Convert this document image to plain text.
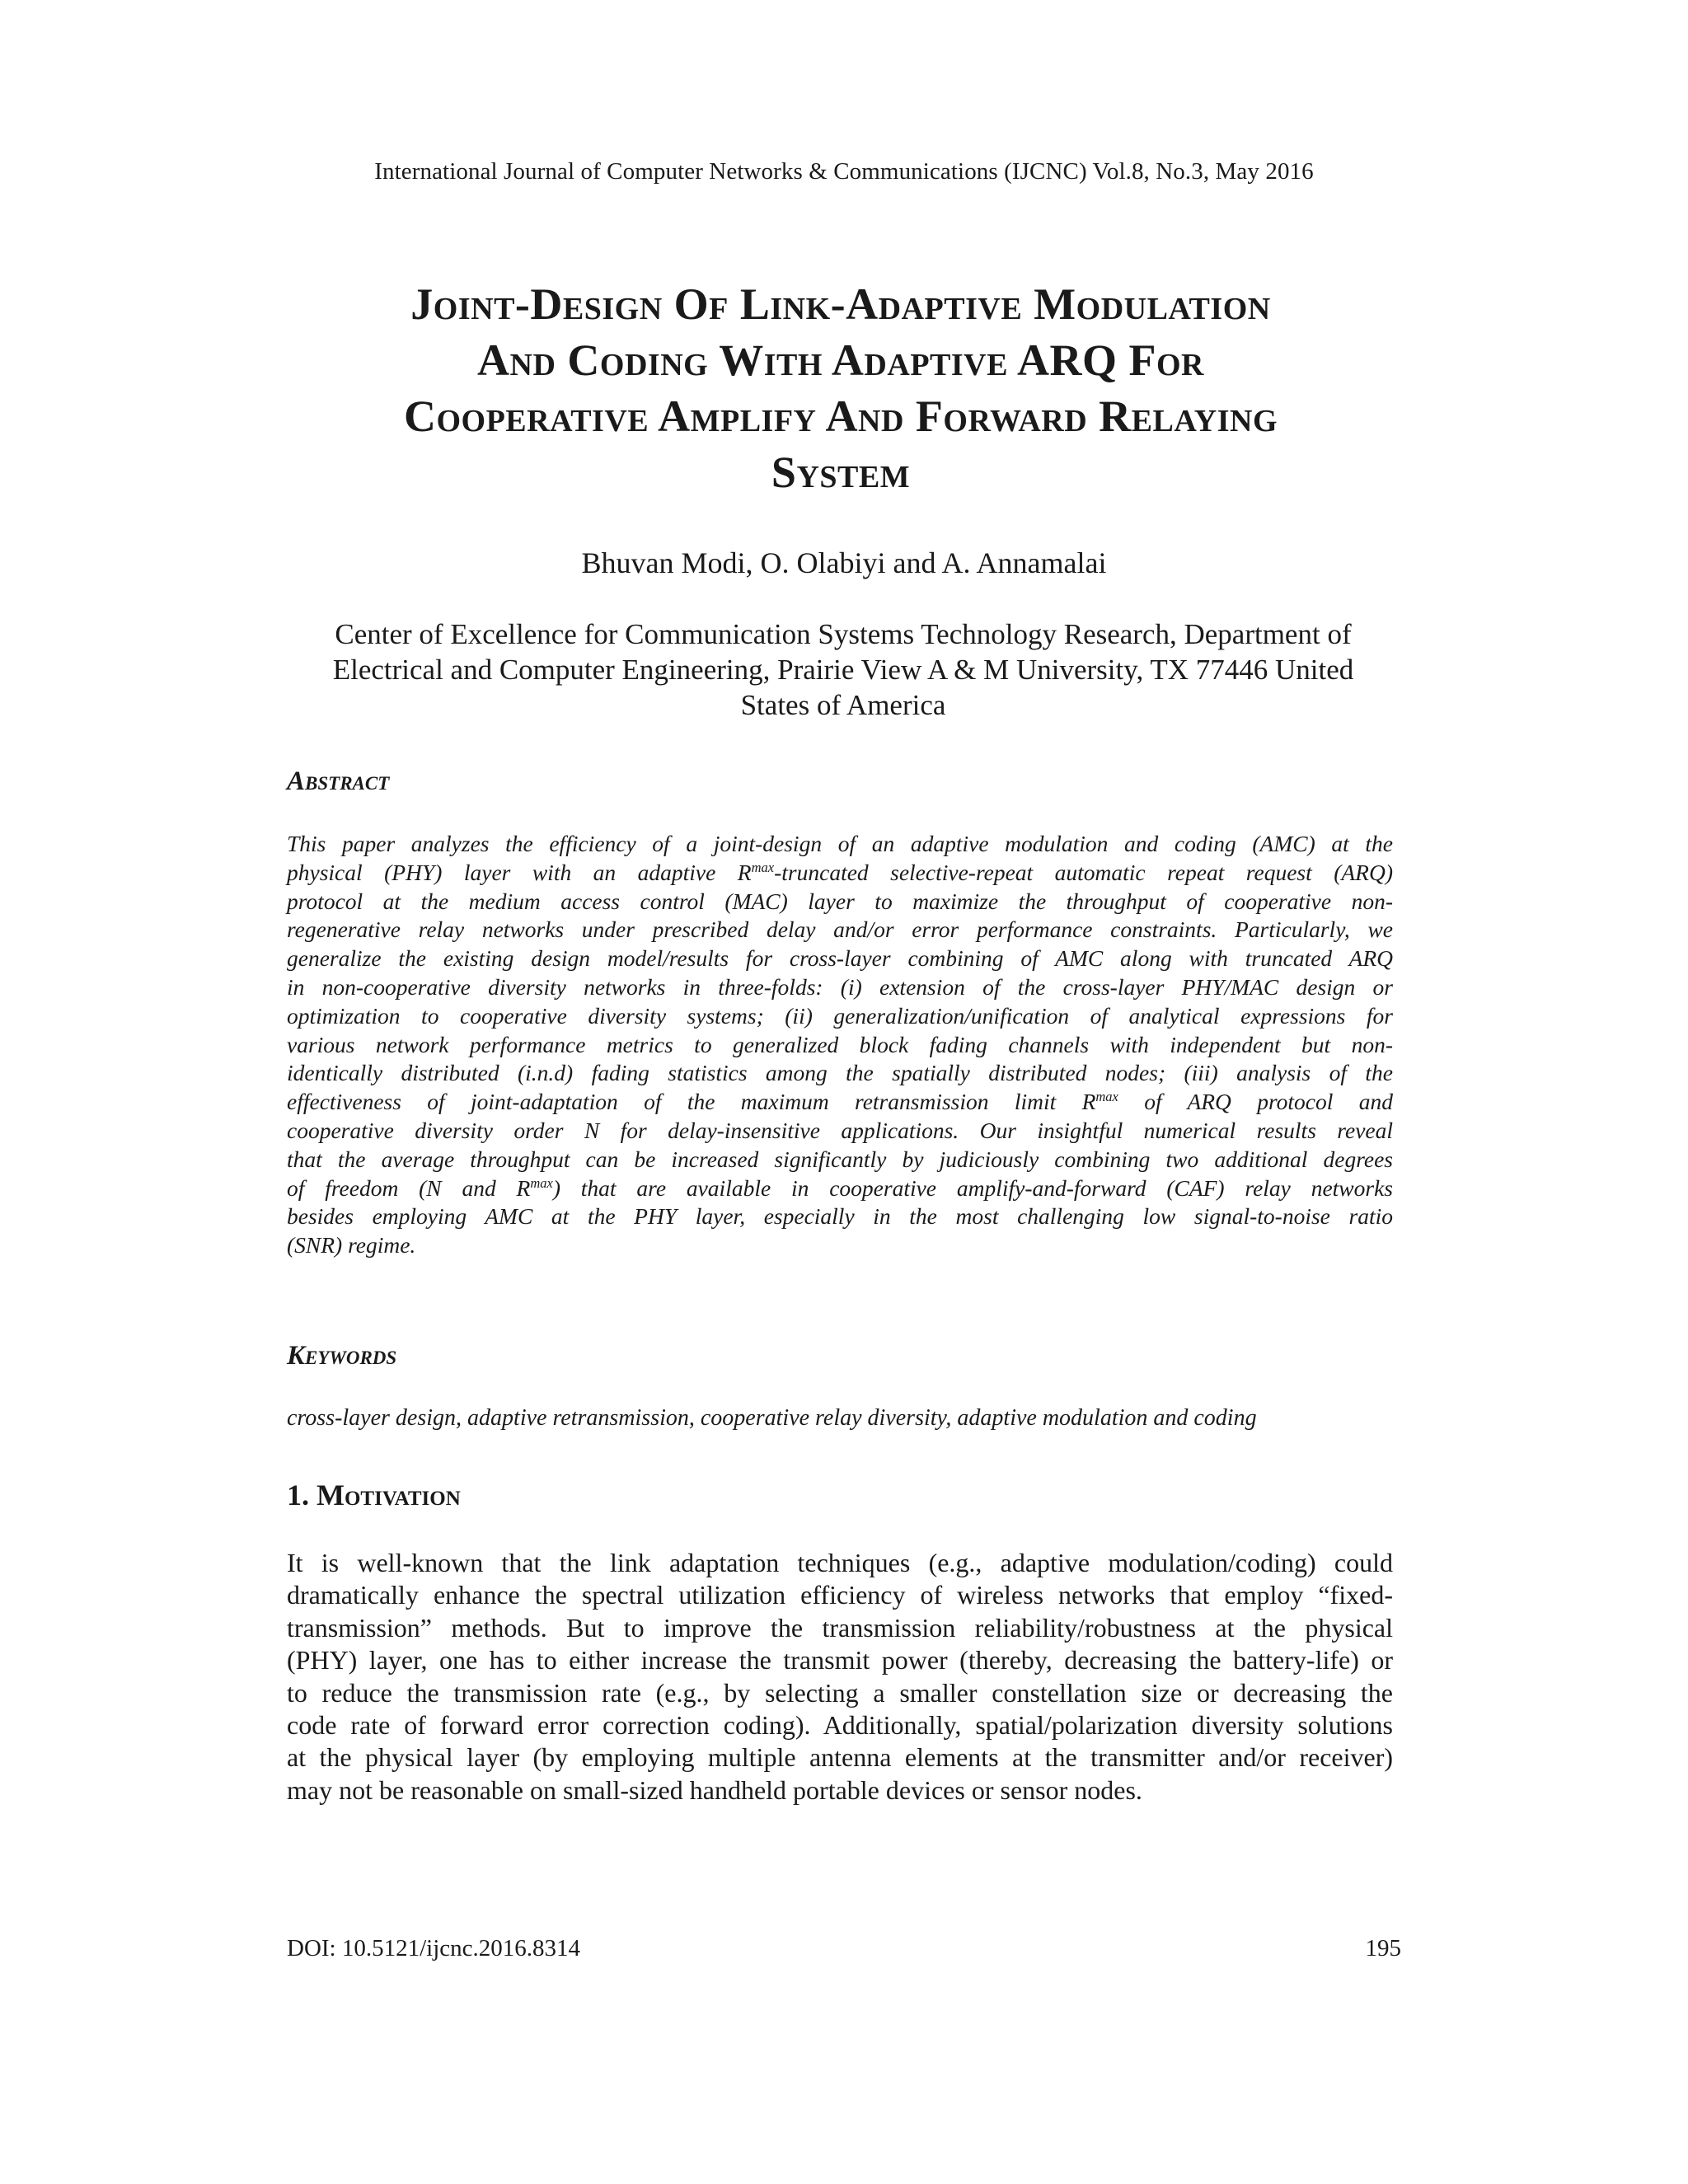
International Journal of Computer Networks & Communications (IJCNC) Vol.8, No.3, May 2016
Joint-Design Of Link-Adaptive Modulation
And Coding With Adaptive ARQ For
Cooperative Amplify And Forward Relaying
System
Bhuvan Modi, O. Olabiyi and A. Annamalai
Center of Excellence for Communication Systems Technology Research, Department of
Electrical and Computer Engineering, Prairie View A & M University, TX 77446 United
States of America
Abstract
This paper analyzes the efficiency of a joint-design of an adaptive modulation and coding (AMC) at the
physical (PHY) layer with an adaptive $R^{max}$-truncated selective-repeat automatic repeat request (ARQ)
protocol at the medium access control (MAC) layer to maximize the throughput of cooperative non-
regenerative relay networks under prescribed delay and/or error performance constraints. Particularly, we
generalize the existing design model/results for cross-layer combining of AMC along with truncated ARQ
in non-cooperative diversity networks in three-folds: (i) extension of the cross-layer PHY/MAC design or
optimization to cooperative diversity systems; (ii) generalization/unification of analytical expressions for
various network performance metrics to generalized block fading channels with independent but non-
identically distributed (i.n.d) fading statistics among the spatially distributed nodes; (iii) analysis of the
effectiveness of joint-adaptation of the maximum retransmission limit $R^{max}$ of ARQ protocol and
cooperative diversity order N for delay-insensitive applications. Our insightful numerical results reveal
that the average throughput can be increased significantly by judiciously combining two additional degrees
of freedom (N and $R^{max}$) that are available in cooperative amplify-and-forward (CAF) relay networks
besides employing AMC at the PHY layer, especially in the most challenging low signal-to-noise ratio
(SNR) regime.
Keywords
cross-layer design, adaptive retransmission, cooperative relay diversity, adaptive modulation and coding
1. Motivation
It is well-known that the link adaptation techniques (e.g., adaptive modulation/coding) could
dramatically enhance the spectral utilization efficiency of wireless networks that employ “fixed-
transmission” methods. But to improve the transmission reliability/robustness at the physical
(PHY) layer, one has to either increase the transmit power (thereby, decreasing the battery-life) or
to reduce the transmission rate (e.g., by selecting a smaller constellation size or decreasing the
code rate of forward error correction coding). Additionally, spatial/polarization diversity solutions
at the physical layer (by employing multiple antenna elements at the transmitter and/or receiver)
may not be reasonable on small-sized handheld portable devices or sensor nodes.
DOI: 10.5121/ijcnc.2016.8314	195
